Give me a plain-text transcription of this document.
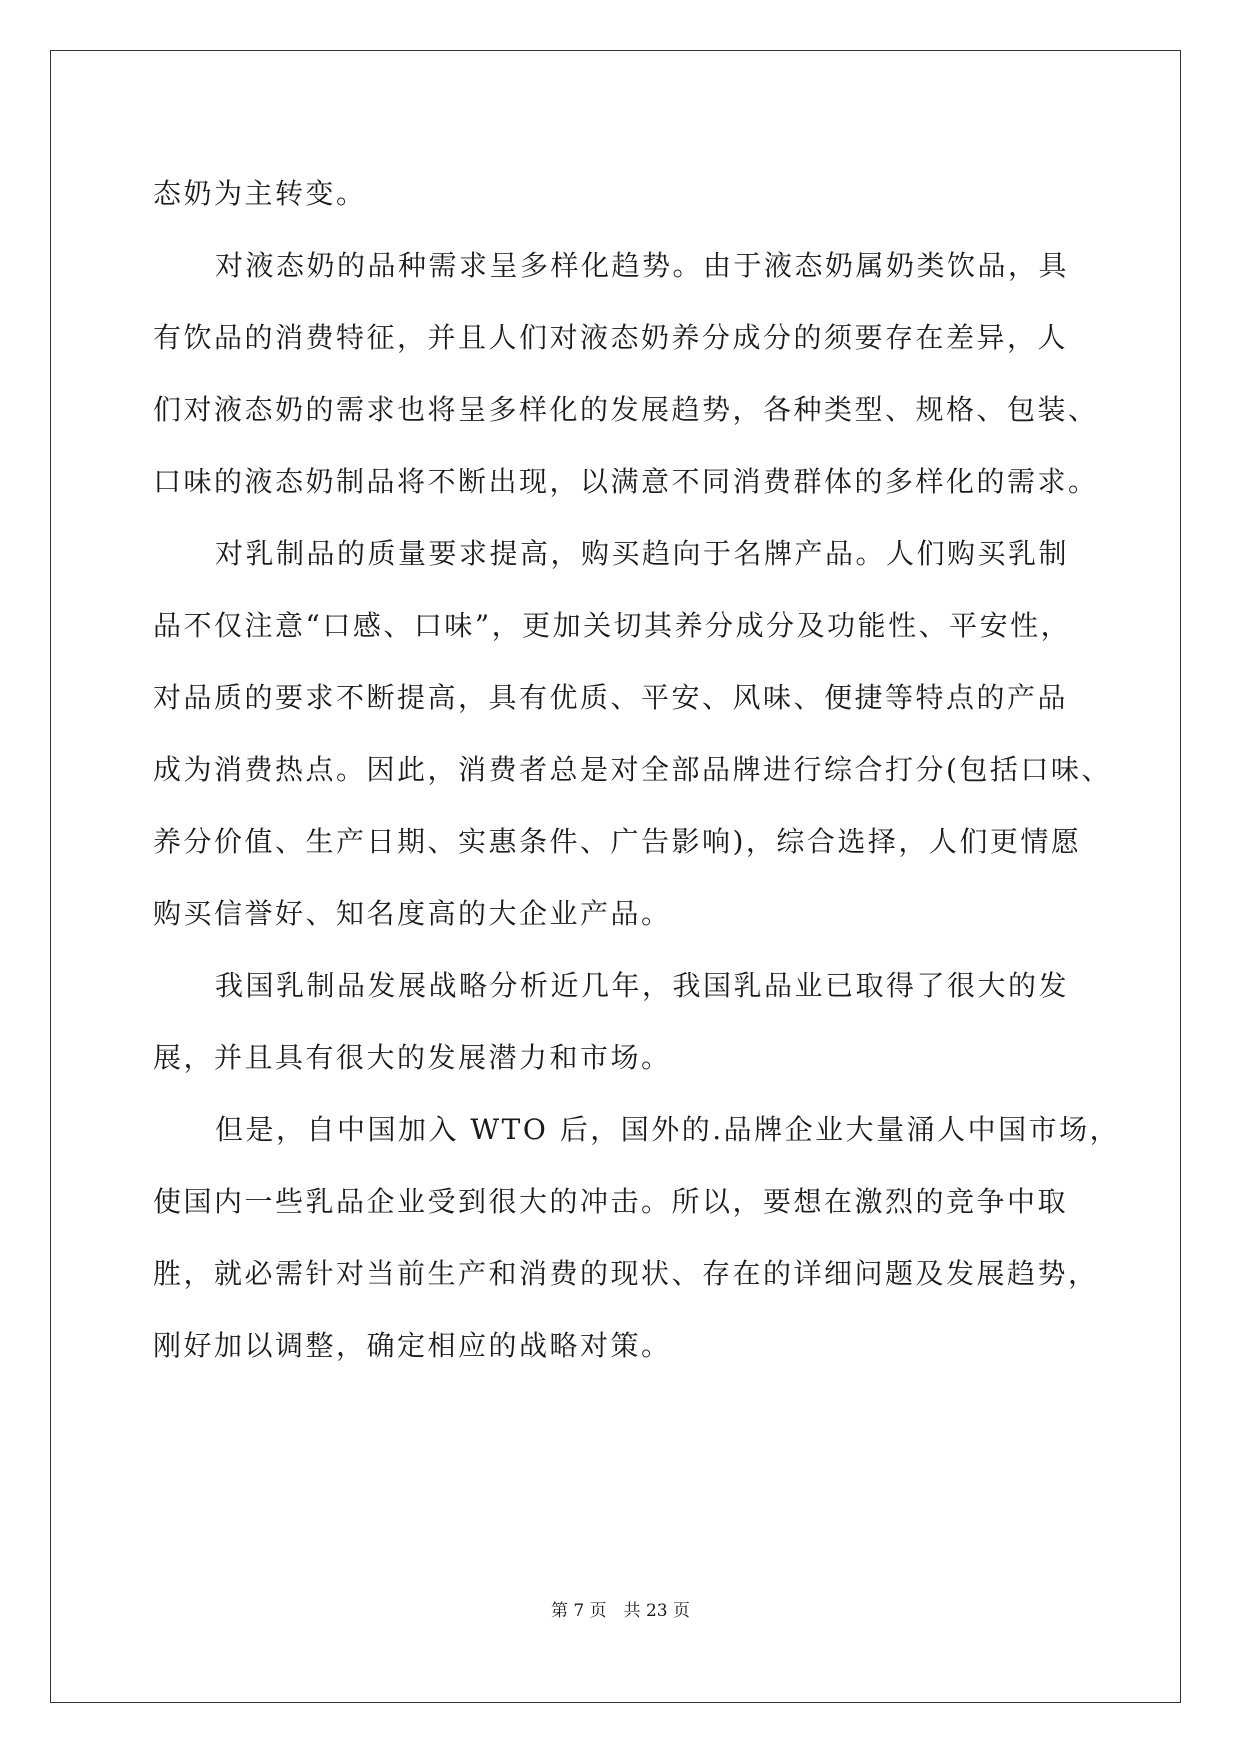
态奶为主转变。
对液态奶的品种需求呈多样化趋势。由于液态奶属奶类饮品，具
有饮品的消费特征，并且人们对液态奶养分成分的须要存在差异，人
们对液态奶的需求也将呈多样化的发展趋势，各种类型、规格、包装、
口味的液态奶制品将不断出现，以满意不同消费群体的多样化的需求。
对乳制品的质量要求提高，购买趋向于名牌产品。人们购买乳制
品不仅注意“口感、口味”，更加关切其养分成分及功能性、平安性，
对品质的要求不断提高，具有优质、平安、风味、便捷等特点的产品
成为消费热点。因此，消费者总是对全部品牌进行综合打分(包括口味、
养分价值、生产日期、实惠条件、广告影响)，综合选择，人们更情愿
购买信誉好、知名度高的大企业产品。
我国乳制品发展战略分析近几年，我国乳品业已取得了很大的发
展，并且具有很大的发展潜力和市场。
但是，自中国加入 WTO 后，国外的.品牌企业大量涌人中国市场，
使国内一些乳品企业受到很大的冲击。所以，要想在激烈的竞争中取
胜，就必需针对当前生产和消费的现状、存在的详细问题及发展趋势，
刚好加以调整，确定相应的战略对策。
第 7 页　共 23 页
